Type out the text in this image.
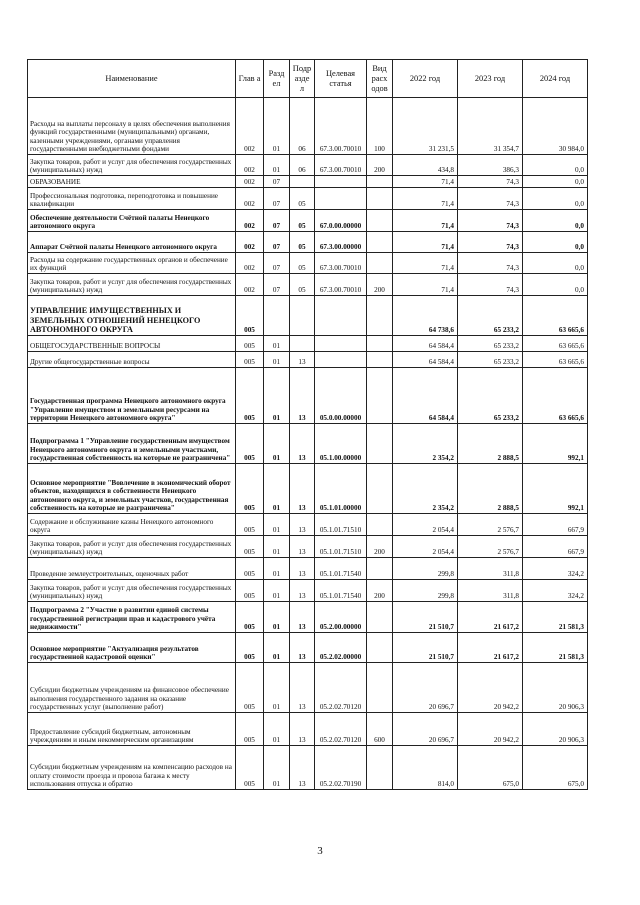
Наименование	Глав а	Разд ел	Подр азде л	Целевая статья	Вид расх одов	2022 год	2023 год	2024 год
Расходы на выплаты персоналу в целях обеспечения выполнения функций государственными (муниципальными) органами, казенными учреждениями, органами управления государственными внебюджетными фондами	002	01	06	67.3.00.70010	100	31 231,5	31 354,7	30 984,0
Закупка товаров, работ и услуг для обеспечения государственных (муниципальных) нужд	002	01	06	67.3.00.70010	200	434,8	386,3	0,0
ОБРАЗОВАНИЕ	002	07				71,4	74,3	0,0
Профессиональная подготовка, переподготовка и повышение квалификации	002	07	05			71,4	74,3	0,0
Обеспечение деятельности Счётной палаты Ненецкого автономного округа	002	07	05	67.0.00.00000		71,4	74,3	0,0
Аппарат Счётной палаты Ненецкого автономного округа	002	07	05	67.3.00.00000		71,4	74,3	0,0
Расходы на содержание государственных органов и обеспечение их функций	002	07	05	67.3.00.70010		71,4	74,3	0,0
Закупка товаров, работ и услуг для обеспечения государственных (муниципальных) нужд	002	07	05	67.3.00.70010	200	71,4	74,3	0,0
УПРАВЛЕНИЕ ИМУЩЕСТВЕННЫХ И ЗЕМЕЛЬНЫХ ОТНОШЕНИЙ НЕНЕЦКОГО АВТОНОМНОГО ОКРУГА	005					64 738,6	65 233,2	63 665,6
ОБЩЕГОСУДАРСТВЕННЫЕ ВОПРОСЫ	005	01				64 584,4	65 233,2	63 665,6
Другие общегосударственные вопросы	005	01	13			64 584,4	65 233,2	63 665,6
Государственная программа Ненецкого автономного округа "Управление имуществом и земельными ресурсами на территории Ненецкого автономного округа"	005	01	13	05.0.00.00000		64 584,4	65 233,2	63 665,6
Подпрограмма 1 "Управление государственным имуществом Ненецкого автономного округа и земельными участками, государственная собственность на которые не разграничена"	005	01	13	05.1.00.00000		2 354,2	2 888,5	992,1
Основное мероприятие "Вовлечение в экономический оборот объектов, находящихся в собственности Ненецкого автономного округа, и земельных участков, государственная собственность на которые не разграничена"	005	01	13	05.1.01.00000		2 354,2	2 888,5	992,1
Содержание и обслуживание казны Ненецкого автономного округа	005	01	13	05.1.01.71510		2 054,4	2 576,7	667,9
Закупка товаров, работ и услуг для обеспечения государственных (муниципальных) нужд	005	01	13	05.1.01.71510	200	2 054,4	2 576,7	667,9
Проведение землеустроительных, оценочных работ	005	01	13	05.1.01.71540		299,8	311,8	324,2
Закупка товаров, работ и услуг для обеспечения государственных (муниципальных) нужд	005	01	13	05.1.01.71540	200	299,8	311,8	324,2
Подпрограмма 2 "Участие в развитии единой системы государственной регистрации прав и кадастрового учёта недвижимости"	005	01	13	05.2.00.00000		21 510,7	21 617,2	21 581,3
Основное мероприятие "Актуализация результатов государственной кадастровой оценки"	005	01	13	05.2.02.00000		21 510,7	21 617,2	21 581,3
Субсидии бюджетным учреждениям на финансовое обеспечение выполнения государственного задания на оказание государственных услуг (выполнение работ)	005	01	13	05.2.02.70120		20 696,7	20 942,2	20 906,3
Предоставление субсидий бюджетным, автономным учреждениям и иным некоммерческим организациям	005	01	13	05.2.02.70120	600	20 696,7	20 942,2	20 906,3
Субсидии бюджетным учреждениям на компенсацию расходов на оплату стоимости проезда и провоза багажа к месту использования отпуска и обратно	005	01	13	05.2.02.70190		814,0	675,0	675,0
3
